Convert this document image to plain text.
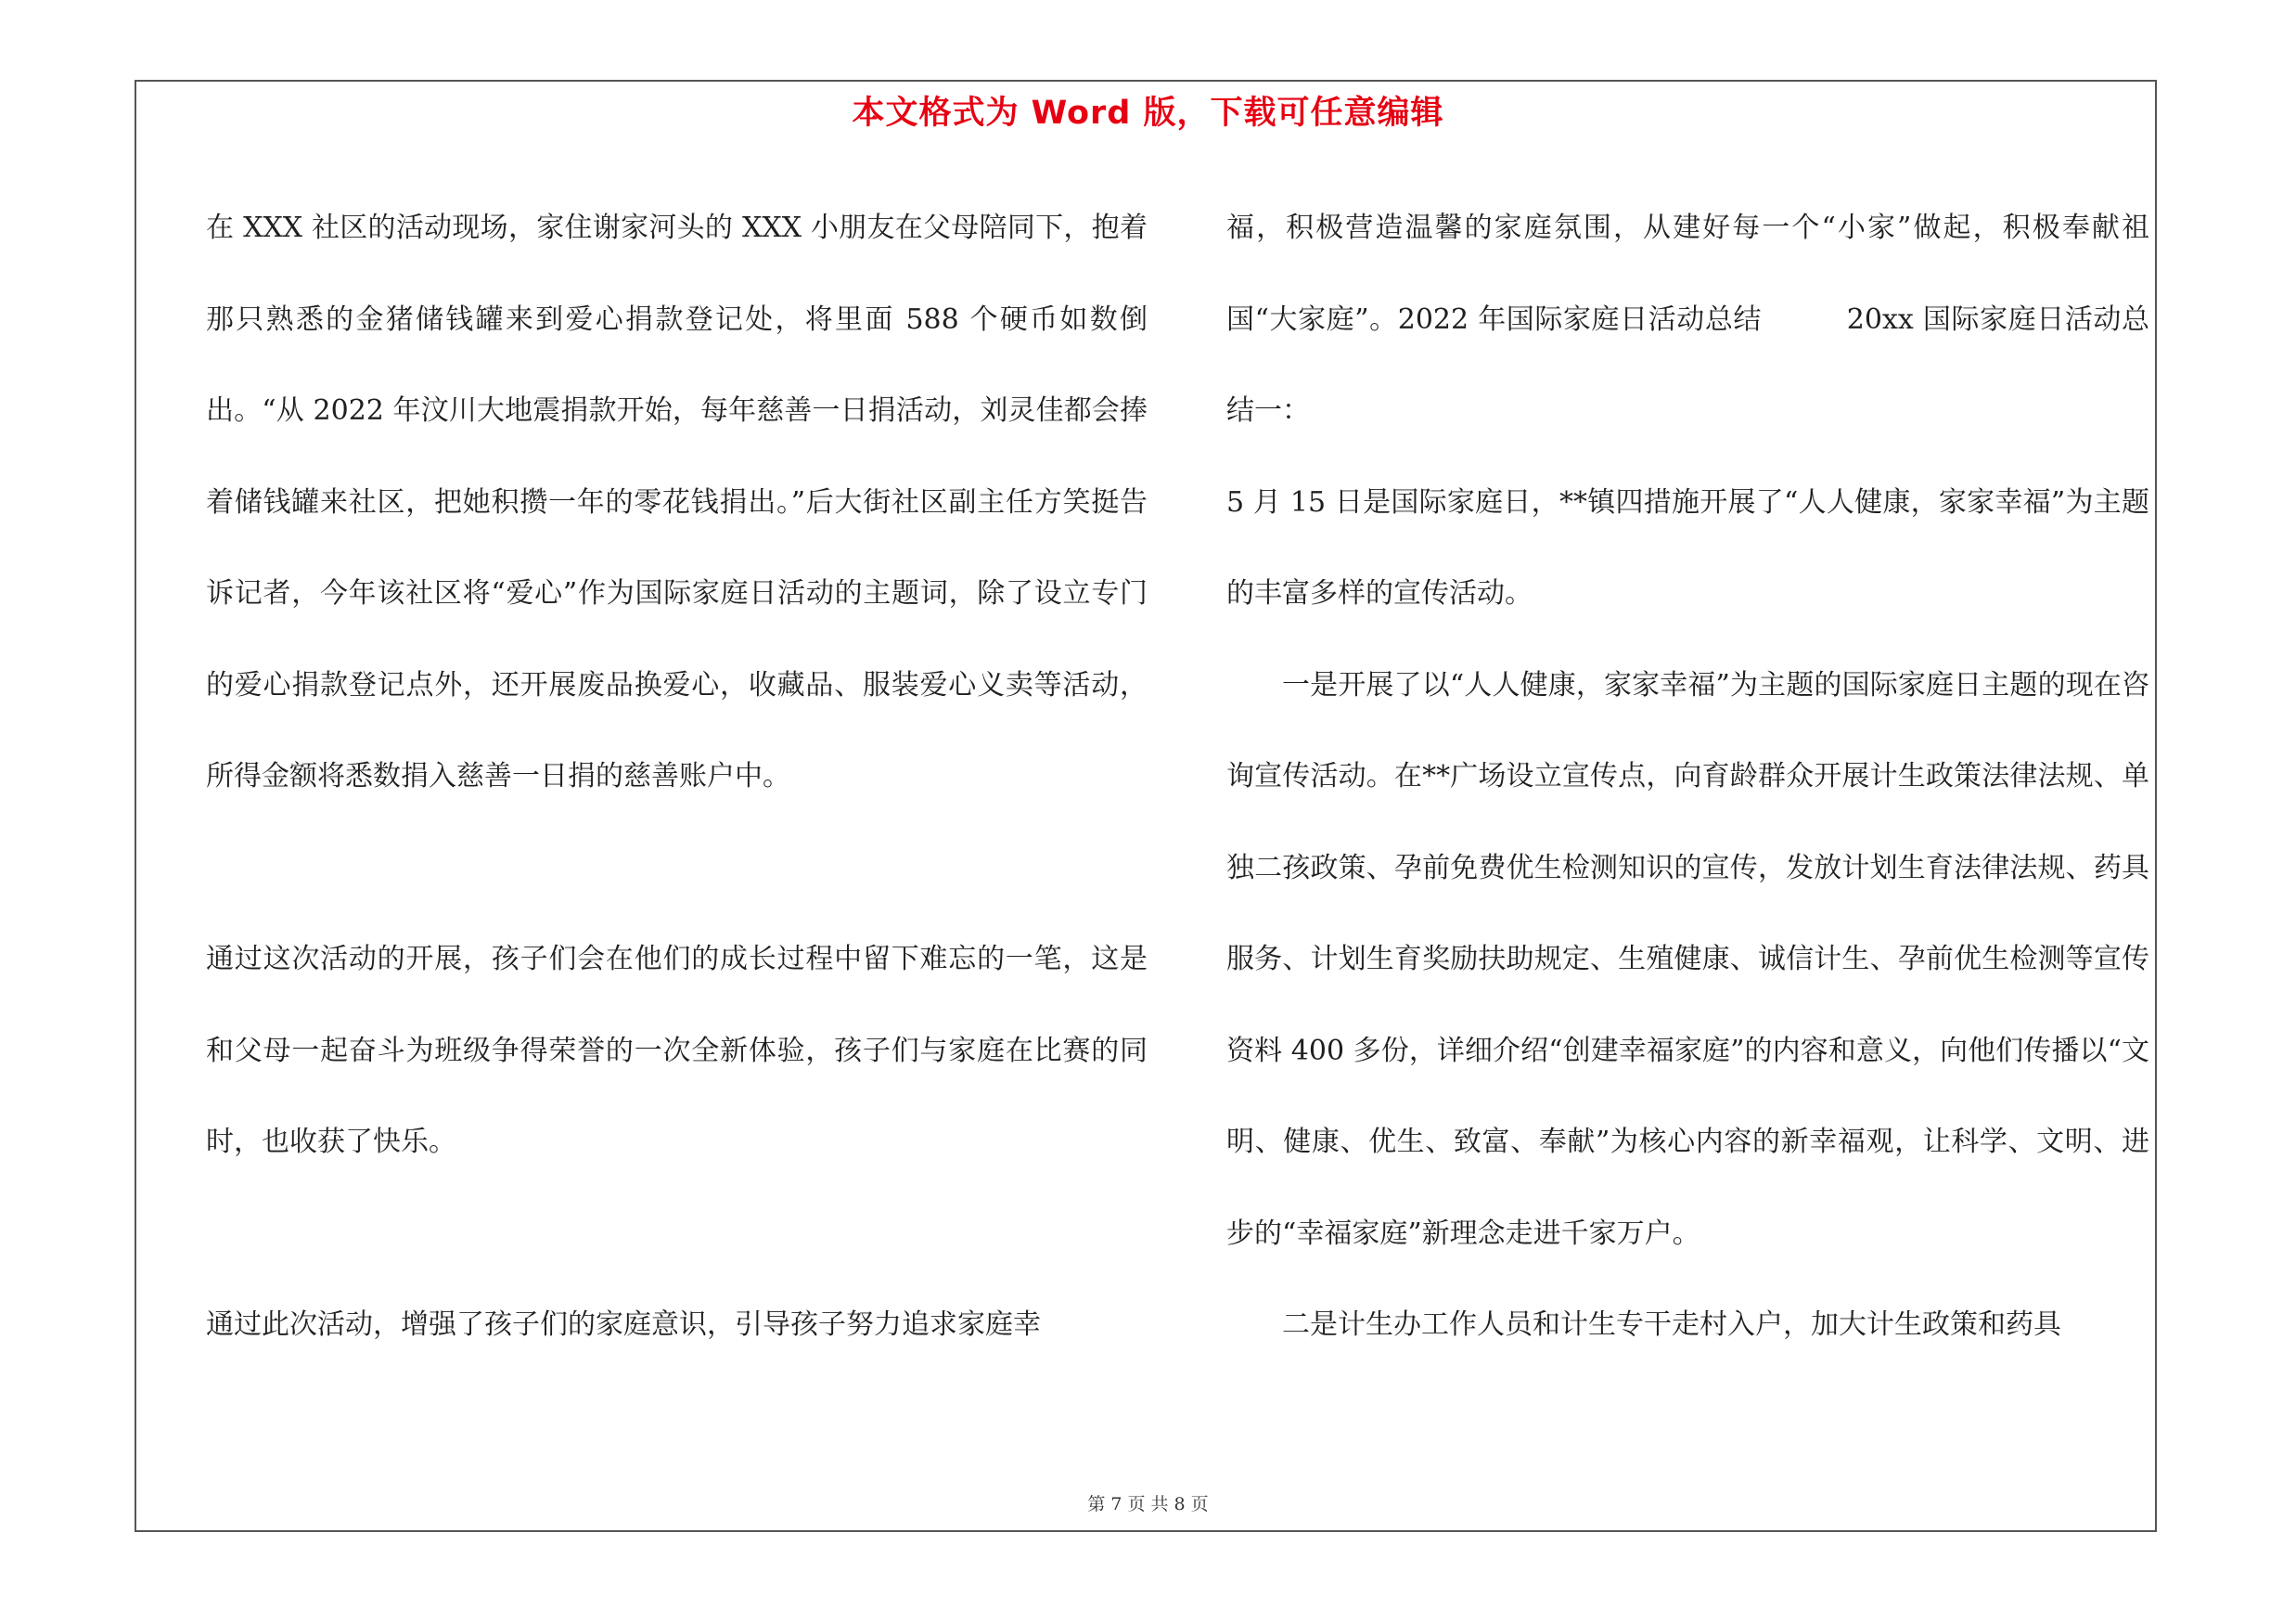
本文格式为 Word 版，下载可任意编辑

在 XXX 社区的活动现场，家住谢家河头的 XXX 小朋友在父母陪同下，抱着那只熟悉的金猪储钱罐来到爱心捐款登记处，将里面 588 个硬币如数倒出。“从 2022 年汶川大地震捐款开始，每年慈善一日捐活动，刘灵佳都会捧着储钱罐来社区，把她积攒一年的零花钱捐出。”后大街社区副主任方笑挺告诉记者，今年该社区将“爱心”作为国际家庭日活动的主题词，除了设立专门的爱心捐款登记点外，还开展废品换爱心，收藏品、服装爱心义卖等活动，所得金额将悉数捐入慈善一日捐的慈善账户中。

通过这次活动的开展，孩子们会在他们的成长过程中留下难忘的一笔，这是和父母一起奋斗为班级争得荣誉的一次全新体验，孩子们与家庭在比赛的同时，也收获了快乐。

通过此次活动，增强了孩子们的家庭意识，引导孩子努力追求家庭幸

福，积极营造温馨的家庭氛围，从建好每一个“小家”做起，积极奉献祖国“大家庭”。2022 年国际家庭日活动总结　　　20xx 国际家庭日活动总结一：

5 月 15 日是国际家庭日，**镇四措施开展了“人人健康，家家幸福”为主题的丰富多样的宣传活动。

一是开展了以“人人健康，家家幸福”为主题的国际家庭日主题的现在咨询宣传活动。在**广场设立宣传点，向育龄群众开展计生政策法律法规、单独二孩政策、孕前免费优生检测知识的宣传，发放计划生育法律法规、药具服务、计划生育奖励扶助规定、生殖健康、诚信计生、孕前优生检测等宣传资料 400 多份，详细介绍“创建幸福家庭”的内容和意义，向他们传播以“文明、健康、优生、致富、奉献”为核心内容的新幸福观，让科学、文明、进步的“幸福家庭”新理念走进千家万户。

二是计生办工作人员和计生专干走村入户，加大计生政策和药具

第 7 页 共 8 页
